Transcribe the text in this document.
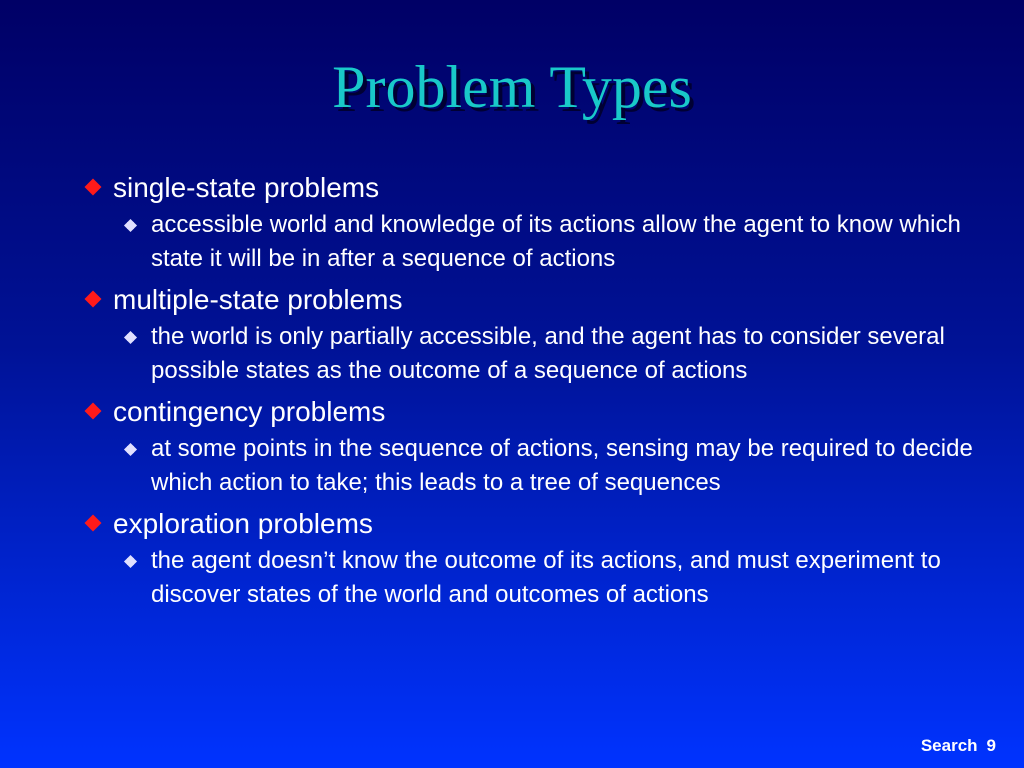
Problem Types
single-state problems
accessible world and knowledge of its actions allow the agent to know which state it will be in after a sequence of actions
multiple-state problems
the world is only partially accessible, and the agent has to consider several possible states as the outcome of a sequence of actions
contingency problems
at some points in the sequence of actions, sensing may be required to decide which action to take; this leads to a tree of sequences
exploration problems
the agent doesn’t know the outcome of its actions, and must experiment to discover states of the world and outcomes of actions
Search 9
